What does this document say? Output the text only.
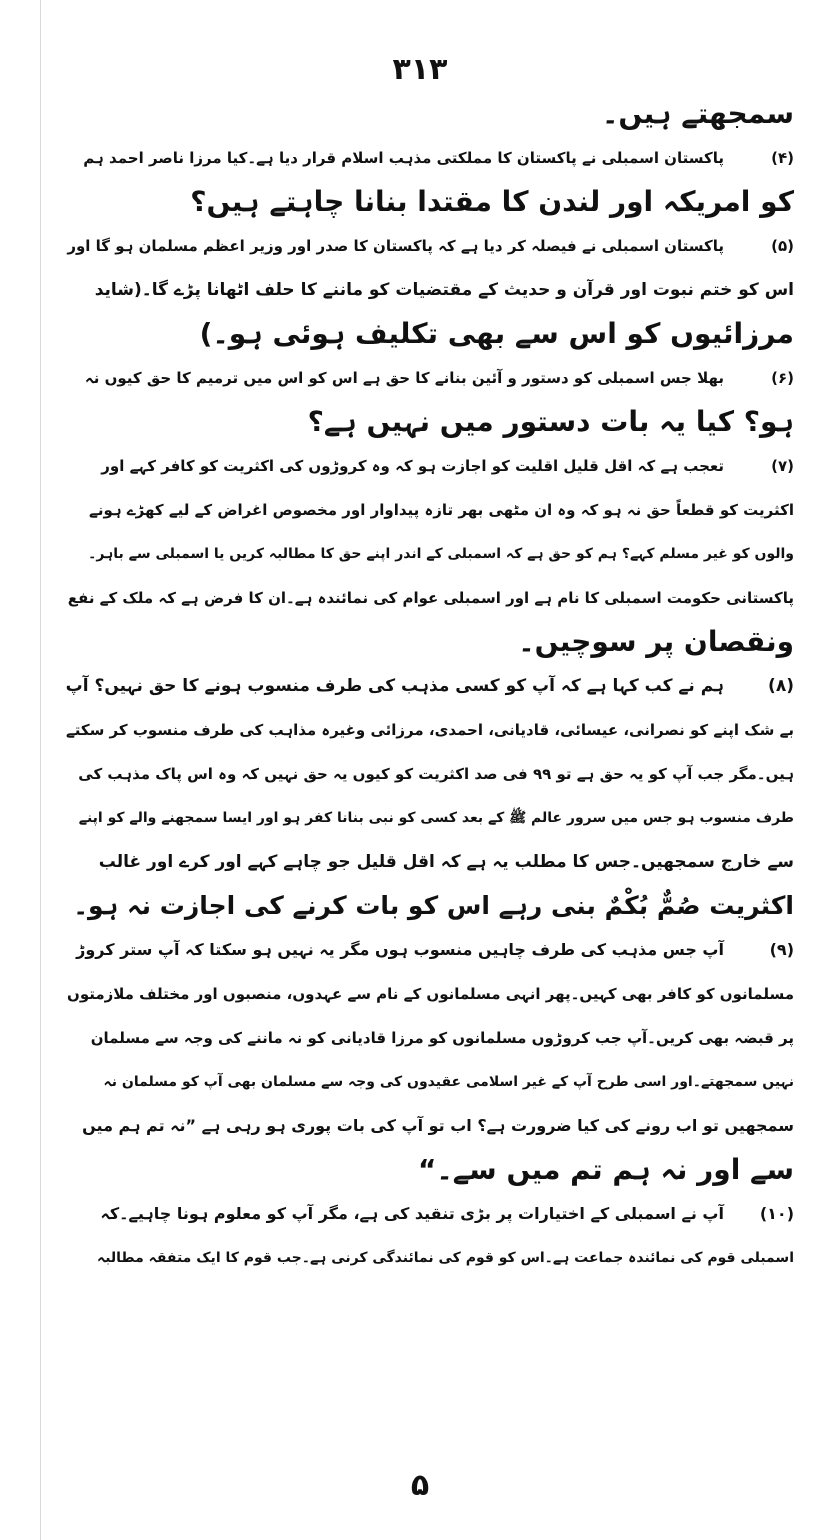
۳۱۳
سمجھتے ہیں۔
(۴)پاکستان اسمبلی نے پاکستان کا مملکتی مذہب اسلام قرار دیا ہے۔کیا مرزا ناصر احمد ہم
کو امریکہ اور لندن کا مقتدا بنانا چاہتے ہیں؟
(۵)پاکستان اسمبلی نے فیصلہ کر دیا ہے کہ پاکستان کا صدر اور وزیر اعظم مسلمان ہو گا اور
اس کو ختم نبوت اور قرآن و حدیث کے مقتضیات کو ماننے کا حلف اٹھانا پڑے گا۔(شاید
مرزائیوں کو اس سے بھی تکلیف ہوئی ہو۔)
(۶)بھلا جس اسمبلی کو دستور و آئین بنانے کا حق ہے اس کو اس میں ترمیم کا حق کیوں نہ
ہو؟ کیا یہ بات دستور میں نہیں ہے؟
(۷)تعجب ہے کہ اقل قلیل اقلیت کو اجازت ہو کہ وہ کروڑوں کی اکثریت کو کافر کہے اور
اکثریت کو قطعاً حق نہ ہو کہ وہ ان مٹھی بھر تازہ پیداوار اور مخصوص اغراض کے لیے کھڑے ہونے
والوں کو غیر مسلم کہے؟ ہم کو حق ہے کہ اسمبلی کے اندر اپنے حق کا مطالبہ کریں یا اسمبلی سے باہر۔
پاکستانی حکومت اسمبلی کا نام ہے اور اسمبلی عوام کی نمائندہ ہے۔ان کا فرض ہے کہ ملک کے نفع
ونقصان پر سوچیں۔
(۸)ہم نے کب کہا ہے کہ آپ کو کسی مذہب کی طرف منسوب ہونے کا حق نہیں؟ آپ
بے شک اپنے کو نصرانی، عیسائی، قادیانی، احمدی، مرزائی وغیرہ مذاہب کی طرف منسوب کر سکتے
ہیں۔مگر جب آپ کو یہ حق ہے تو ۹۹ فی صد اکثریت کو کیوں یہ حق نہیں کہ وہ اس پاک مذہب کی
طرف منسوب ہو جس میں سرور عالم ﷺ کے بعد کسی کو نبی بنانا کفر ہو اور ایسا سمجھنے والے کو اپنے
سے خارج سمجھیں۔جس کا مطلب یہ ہے کہ اقل قلیل جو چاہے کہے اور کرے اور غالب
اکثریت صُمٌّ بُکْمٌ بنی رہے اس کو بات کرنے کی اجازت نہ ہو۔
(۹)آپ جس مذہب کی طرف چاہیں منسوب ہوں مگر یہ نہیں ہو سکتا کہ آپ ستر کروڑ
مسلمانوں کو کافر بھی کہیں۔پھر انہی مسلمانوں کے نام سے عہدوں، منصبوں اور مختلف ملازمتوں
پر قبضہ بھی کریں۔آپ جب کروڑوں مسلمانوں کو مرزا قادیانی کو نہ ماننے کی وجہ سے مسلمان
نہیں سمجھتے۔اور اسی طرح آپ کے غیر اسلامی عقیدوں کی وجہ سے مسلمان بھی آپ کو مسلمان نہ
سمجھیں تو اب رونے کی کیا ضرورت ہے؟ اب تو آپ کی بات پوری ہو رہی ہے ”نہ تم ہم میں
سے اور نہ ہم تم میں سے۔“
(۱۰)آپ نے اسمبلی کے اختیارات پر بڑی تنقید کی ہے، مگر آپ کو معلوم ہونا چاہیے۔کہ
اسمبلی قوم کی نمائندہ جماعت ہے۔اس کو قوم کی نمائندگی کرنی ہے۔جب قوم کا ایک متفقہ مطالبہ
۵
